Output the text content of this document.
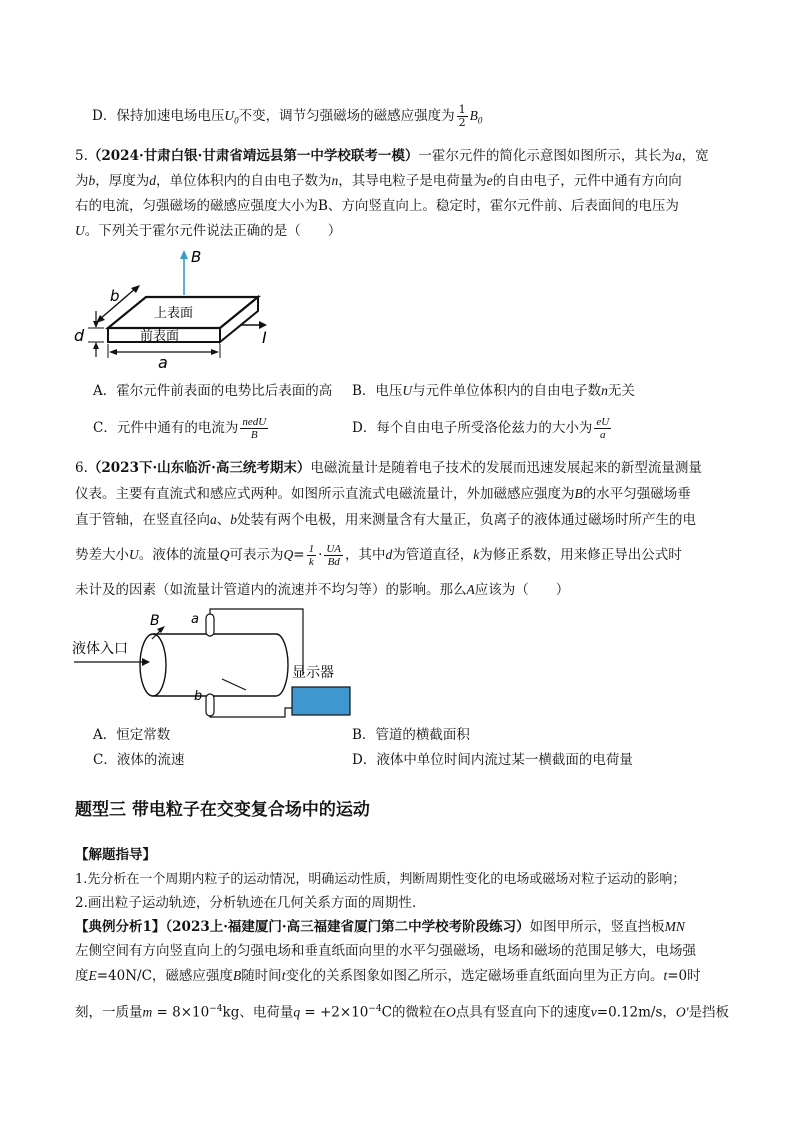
D．保持加速电场电压$U_0$不变，调节匀强磁场的磁感应强度为 $\frac{1}{2} B_0$
5.（2024·甘肃白银·甘肃省靖远县第一中学校联考一模）一霍尔元件的简化示意图如图所示，其长为a，宽
为b，厚度为d，单位体积内的自由电子数为n，其导电粒子是电荷量为e的自由电子，元件中通有方向向
右的电流，匀强磁场的磁感应强度大小为B、方向竖直向上。稳定时，霍尔元件前、后表面间的电压为
U。下列关于霍尔元件说法正确的是（　　）
B
b
上表面
前表面	I
d
a
A．霍尔元件前表面的电势比后表面的高 B．电压U与元件单位体积内的自由电子数n无关
C．元件中通有的电流为 $\frac{\text{nedU}}{B}$	D．每个自由电子所受洛伦兹力的大小为 $\frac{eU}{a}$
6.（2023下·山东临沂·高三统考期末）电磁流量计是随着电子技术的发展而迅速发展起来的新型流量测量
仪表。主要有直流式和感应式两种。如图所示直流式电磁流量计，外加磁感应强度为B的水平匀强磁场垂
直于管轴，在竖直径向a、b处装有两个电极，用来测量含有大量正，负离子的液体通过磁场时所产生的电
势差大小U。液体的流量Q可表示为$Q= \frac{1}{k} \cdot \frac{UA}{Bd}$ ，其中d为管道直径，k为修正系数，用来修正导出公式时
未计及的因素（如流量计管道内的流速并不均匀等）的影响。那么A应该为（　　）
B
液体入口
a
b
显示器
A．恒定常数	B．管道的横截面积
C．液体的流速	D．液体中单位时间内流过某一横截面的电荷量
题型三 带电粒子在交变复合场中的运动
【解题指导】
1.先分析在一个周期内粒子的运动情况，明确运动性质，判断周期性变化的电场或磁场对粒子运动的影响；
2.画出粒子运动轨迹，分析轨迹在几何关系方面的周期性.
【典例分析1】（2023上·福建厦门·高三福建省厦门第二中学校考阶段练习）如图甲所示，竖直挡板MN
左侧空间有方向竖直向上的匀强电场和垂直纸面向里的水平匀强磁场，电场和磁场的范围足够大，电场强
度E=40N/C，磁感应强度B随时间t变化的关系图象如图乙所示，选定磁场垂直纸面向里为正方向。t=0时
刻，一质量$m = 8\times 10^{-4}kg$、电荷量$q = +2\times 10^{-4}C$的微粒在O点具有竖直向下的速度v=0.12m/s，O'是挡板
